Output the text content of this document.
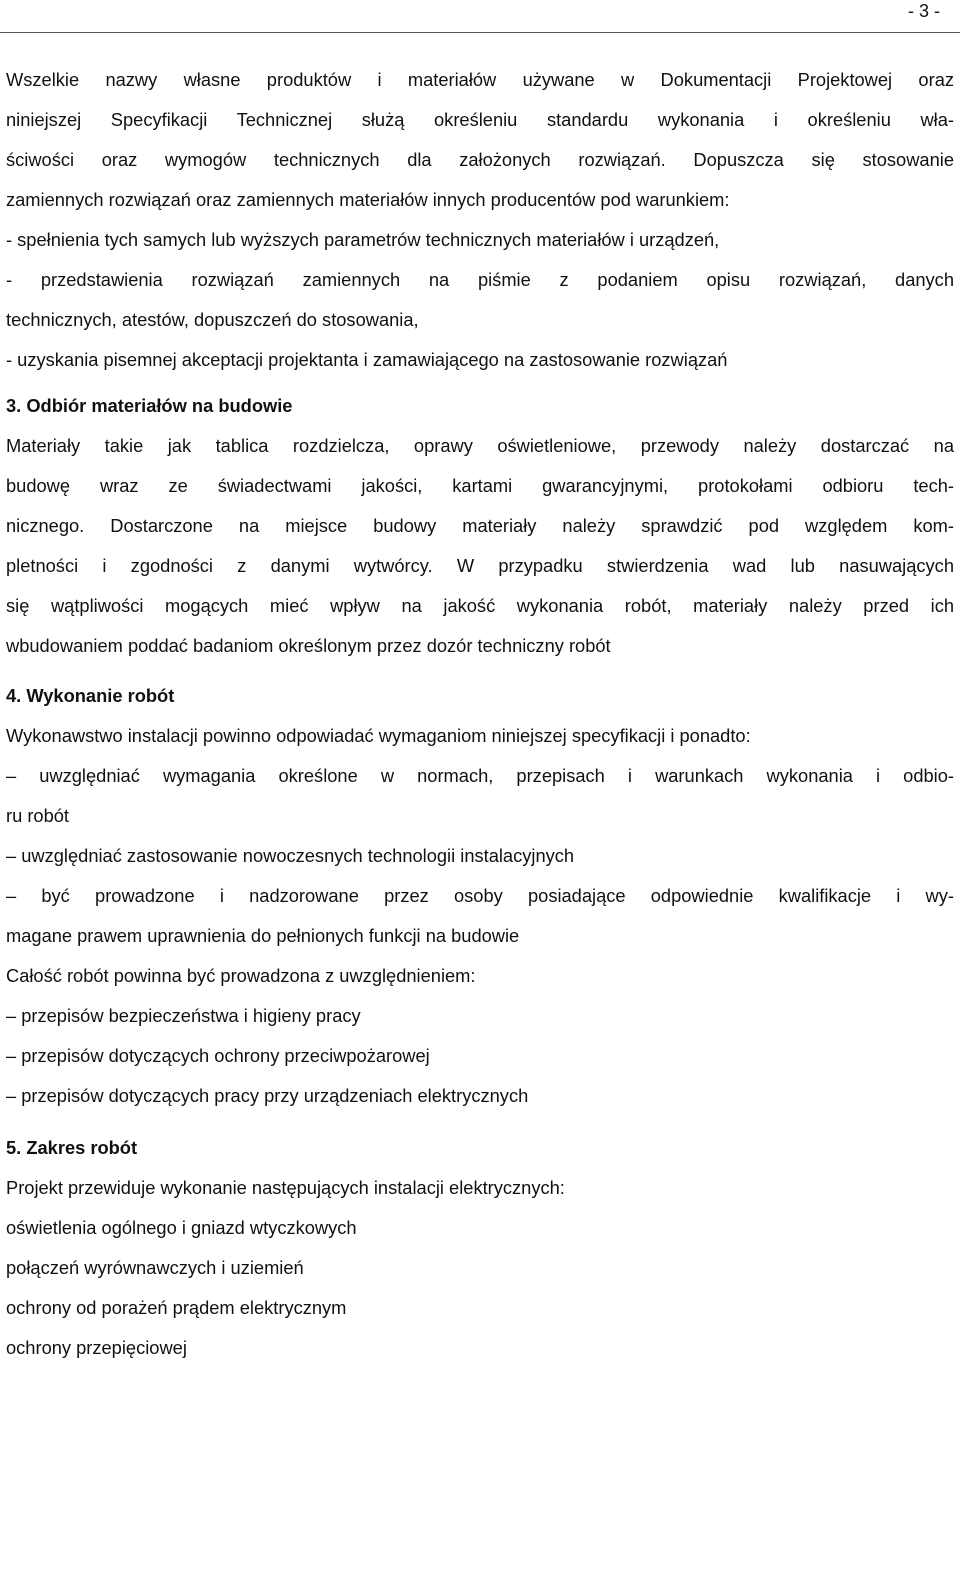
- 3 -
Wszelkie nazwy własne produktów i materiałów używane w Dokumentacji Projektowej oraz
niniejszej Specyfikacji Technicznej służą określeniu standardu wykonania i określeniu wła-
ściwości oraz wymogów technicznych dla założonych rozwiązań. Dopuszcza się stosowanie
zamiennych rozwiązań oraz zamiennych materiałów innych producentów pod warunkiem:
- spełnienia tych samych lub wyższych parametrów technicznych materiałów i urządzeń,
- przedstawienia rozwiązań zamiennych na piśmie z podaniem opisu rozwiązań, danych
technicznych, atestów, dopuszczeń do stosowania,
- uzyskania pisemnej akceptacji projektanta i zamawiającego na zastosowanie rozwiązań
3. Odbiór materiałów na budowie
Materiały takie jak tablica rozdzielcza, oprawy oświetleniowe, przewody należy dostarczać na
budowę wraz ze świadectwami jakości, kartami gwarancyjnymi, protokołami odbioru tech-
nicznego. Dostarczone na miejsce budowy materiały należy sprawdzić pod względem kom-
pletności i zgodności z danymi wytwórcy. W przypadku stwierdzenia wad lub nasuwających
się wątpliwości mogących mieć wpływ na jakość wykonania robót, materiały należy przed ich
wbudowaniem poddać badaniom określonym przez dozór techniczny robót
4. Wykonanie robót
Wykonawstwo instalacji powinno odpowiadać wymaganiom niniejszej specyfikacji i ponadto:
– uwzględniać wymagania określone w normach, przepisach i warunkach wykonania i odbio-
ru robót
– uwzględniać zastosowanie nowoczesnych technologii instalacyjnych
– być prowadzone i nadzorowane przez osoby posiadające odpowiednie kwalifikacje i wy-
magane prawem uprawnienia do pełnionych funkcji na budowie
Całość robót powinna być prowadzona z uwzględnieniem:
– przepisów bezpieczeństwa i higieny pracy
– przepisów dotyczących ochrony przeciwpożarowej
– przepisów dotyczących pracy przy urządzeniach elektrycznych
5. Zakres robót
Projekt przewiduje wykonanie następujących instalacji elektrycznych:
oświetlenia ogólnego i gniazd wtyczkowych
połączeń wyrównawczych i uziemień
ochrony od porażeń prądem elektrycznym
ochrony przepięciowej
